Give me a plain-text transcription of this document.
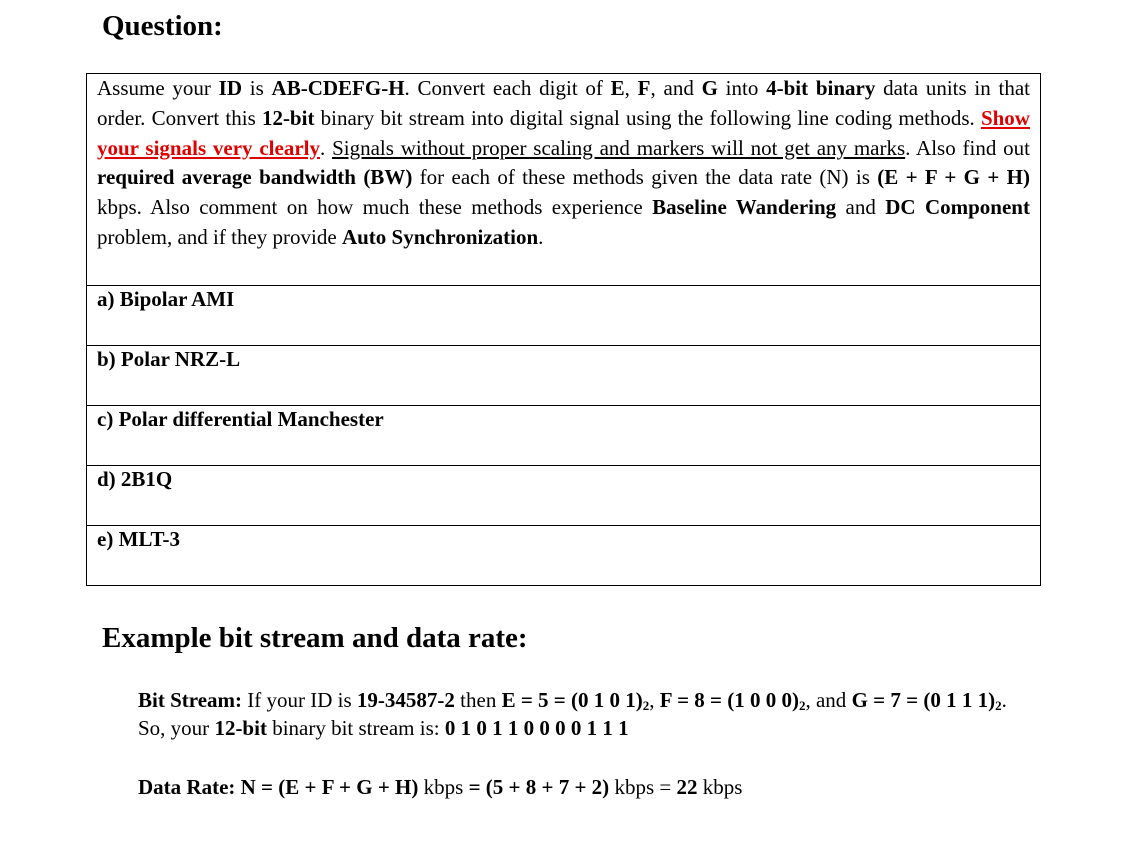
Question:
Assume your ID is AB-CDEFG-H. Convert each digit of E, F, and G into 4-bit binary data units in that order. Convert this 12-bit binary bit stream into digital signal using the following line coding methods. Show your signals very clearly. Signals without proper scaling and markers will not get any marks. Also find out required average bandwidth (BW) for each of these methods given the data rate (N) is (E + F + G + H) kbps. Also comment on how much these methods experience Baseline Wandering and DC Component problem, and if they provide Auto Synchronization.
a) Bipolar AMI
b) Polar NRZ-L
c) Polar differential Manchester
d) 2B1Q
e) MLT-3
Example bit stream and data rate:
Bit Stream: If your ID is 19-34587-2 then E = 5 = (0 1 0 $1)_2$, F = 8 = (1 0 0 $0)_2$, and G = 7 = (0 1 1 $1)_2$. So, your 12-bit binary bit stream is: 0 1 0 1 1 0 0 0 0 1 1 1
Data Rate: N = (E + F + G + H) kbps = (5 + 8 + 7 + 2) kbps = 22 kbps
